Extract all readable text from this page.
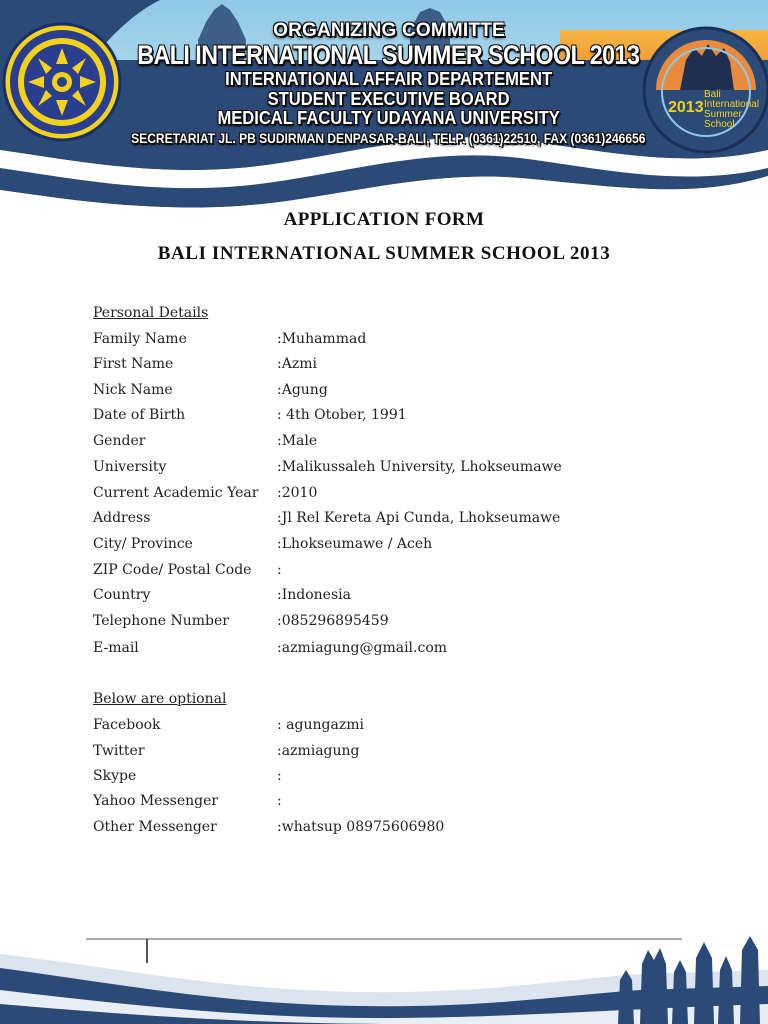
2013
Bali
International
Summer
School
ORGANIZING COMMITTE
BALI INTERNATIONAL SUMMER SCHOOL 2013
INTERNATIONAL AFFAIR DEPARTEMENT
STUDENT EXECUTIVE BOARD
MEDICAL FACULTY UDAYANA UNIVERSITY
SECRETARIAT JL. PB SUDIRMAN DENPASAR-BALI, TELP. (0361)22510, FAX (0361)246656
APPLICATION FORM
BALI INTERNATIONAL SUMMER SCHOOL 2013
Personal Details
Family Name	:Muhammad
First Name	:Azmi
Nick Name	:Agung
Date of Birth	: 4th Otober, 1991
Gender	:Male
University	:Malikussaleh University, Lhokseumawe
Current Academic Year :2010
Address	:Jl Rel Kereta Api Cunda, Lhokseumawe
City/ Province	:Lhokseumawe / Aceh
ZIP Code/ Postal Code :
Country	:Indonesia
Telephone Number	:085296895459
E-mail	:azmiagung@gmail.com
Below are optional
Facebook	: agungazmi
Twitter	:azmiagung
Skype	:
Yahoo Messenger	:
Other Messenger	:whatsup 08975606980
